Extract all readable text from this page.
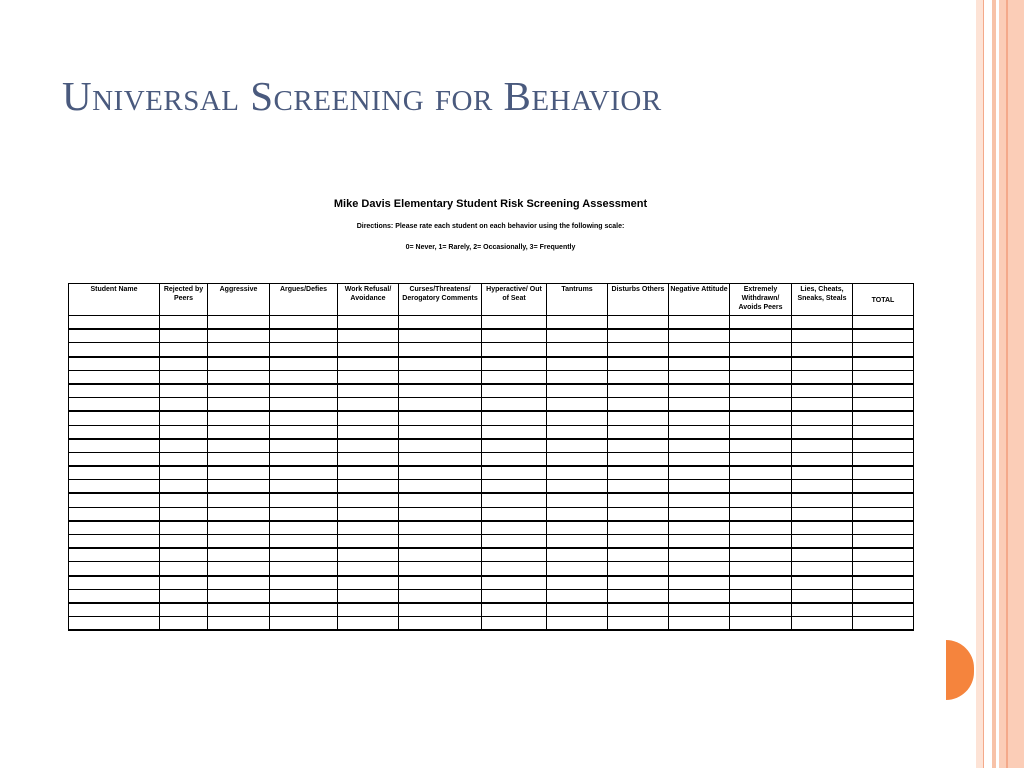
Universal Screening for Behavior
Mike Davis Elementary Student Risk Screening Assessment
Directions: Please rate each student on each behavior using the following scale:
0= Never, 1= Rarely, 2= Occasionally, 3= Frequently
Student Name	Rejected by Peers	Aggressive	Argues/Defies	Work Refusal/ Avoidance	Curses/Threatens/ Derogatory Comments	Hyperactive/ Out of Seat	Tantrums	Disturbs Others	Negative Attitude	Extremely Withdrawn/ Avoids Peers	Lies, Cheats, Sneaks, Steals	TOTAL
